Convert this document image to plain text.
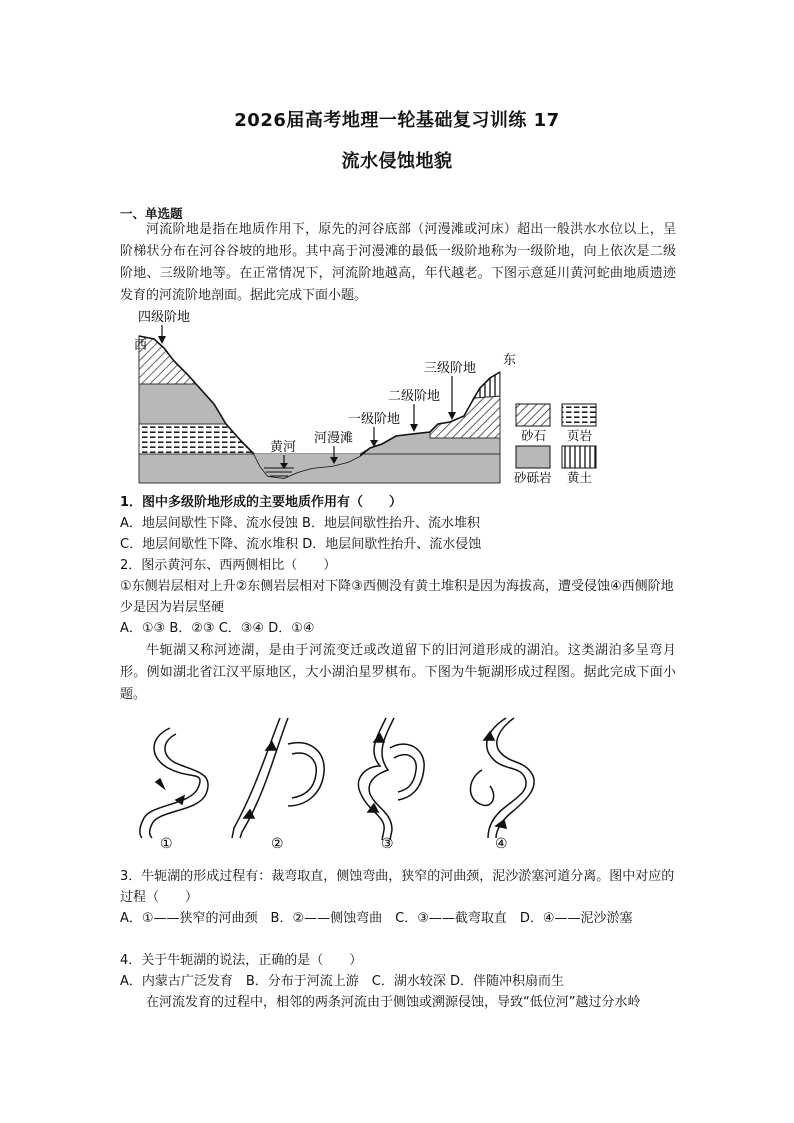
2026届高考地理一轮基础复习训练 17
流水侵蚀地貌
一、单选题
河流阶地是指在地质作用下，原先的河谷底部（河漫滩或河床）超出一般洪水水位以上，呈阶梯状分布在河谷谷坡的地形。其中高于河漫滩的最低一级阶地称为一级阶地，向上依次是二级阶地、三级阶地等。在正常情况下，河流阶地越高，年代越老。下图示意延川黄河蛇曲地质遗迹发育的河流阶地剖面。据此完成下面小题。
西
东
四级阶地
三级阶地
二级阶地
一级阶地
河漫滩
黄河
砂石 页岩
砂砾岩 黄土
1．图中多级阶地形成的主要地质作用有（　　）
A．地层间歇性下降、流水侵蚀 B．地层间歇性抬升、流水堆积
C．地层间歇性下降、流水堆积 D．地层间歇性抬升、流水侵蚀
2．图示黄河东、西两侧相比（　　）
①东侧岩层相对上升②东侧岩层相对下降③西侧没有黄土堆积是因为海拔高，遭受侵蚀④西侧阶地少是因为岩层坚硬
A．①③ B．②③ C．③④ D．①④
牛轭湖又称河迹湖，是由于河流变迁或改道留下的旧河道形成的湖泊。这类湖泊多呈弯月形。例如湖北省江汉平原地区，大小湖泊星罗棋布。下图为牛轭湖形成过程图。据此完成下面小题。
①	②	③	④
3．牛轭湖的形成过程有：裁弯取直，侧蚀弯曲，狭窄的河曲颈，泥沙淤塞河道分离。图中对应的过程（　　）
A．①——狭窄的河曲颈　B．②——侧蚀弯曲　C．③——截弯取直　D．④——泥沙淤塞
4．关于牛轭湖的说法，正确的是（　　）
A．内蒙古广泛发育　B．分布于河流上游　C．湖水较深 D．伴随冲积扇而生
在河流发育的过程中，相邻的两条河流由于侧蚀或溯源侵蚀，导致“低位河”越过分水岭
